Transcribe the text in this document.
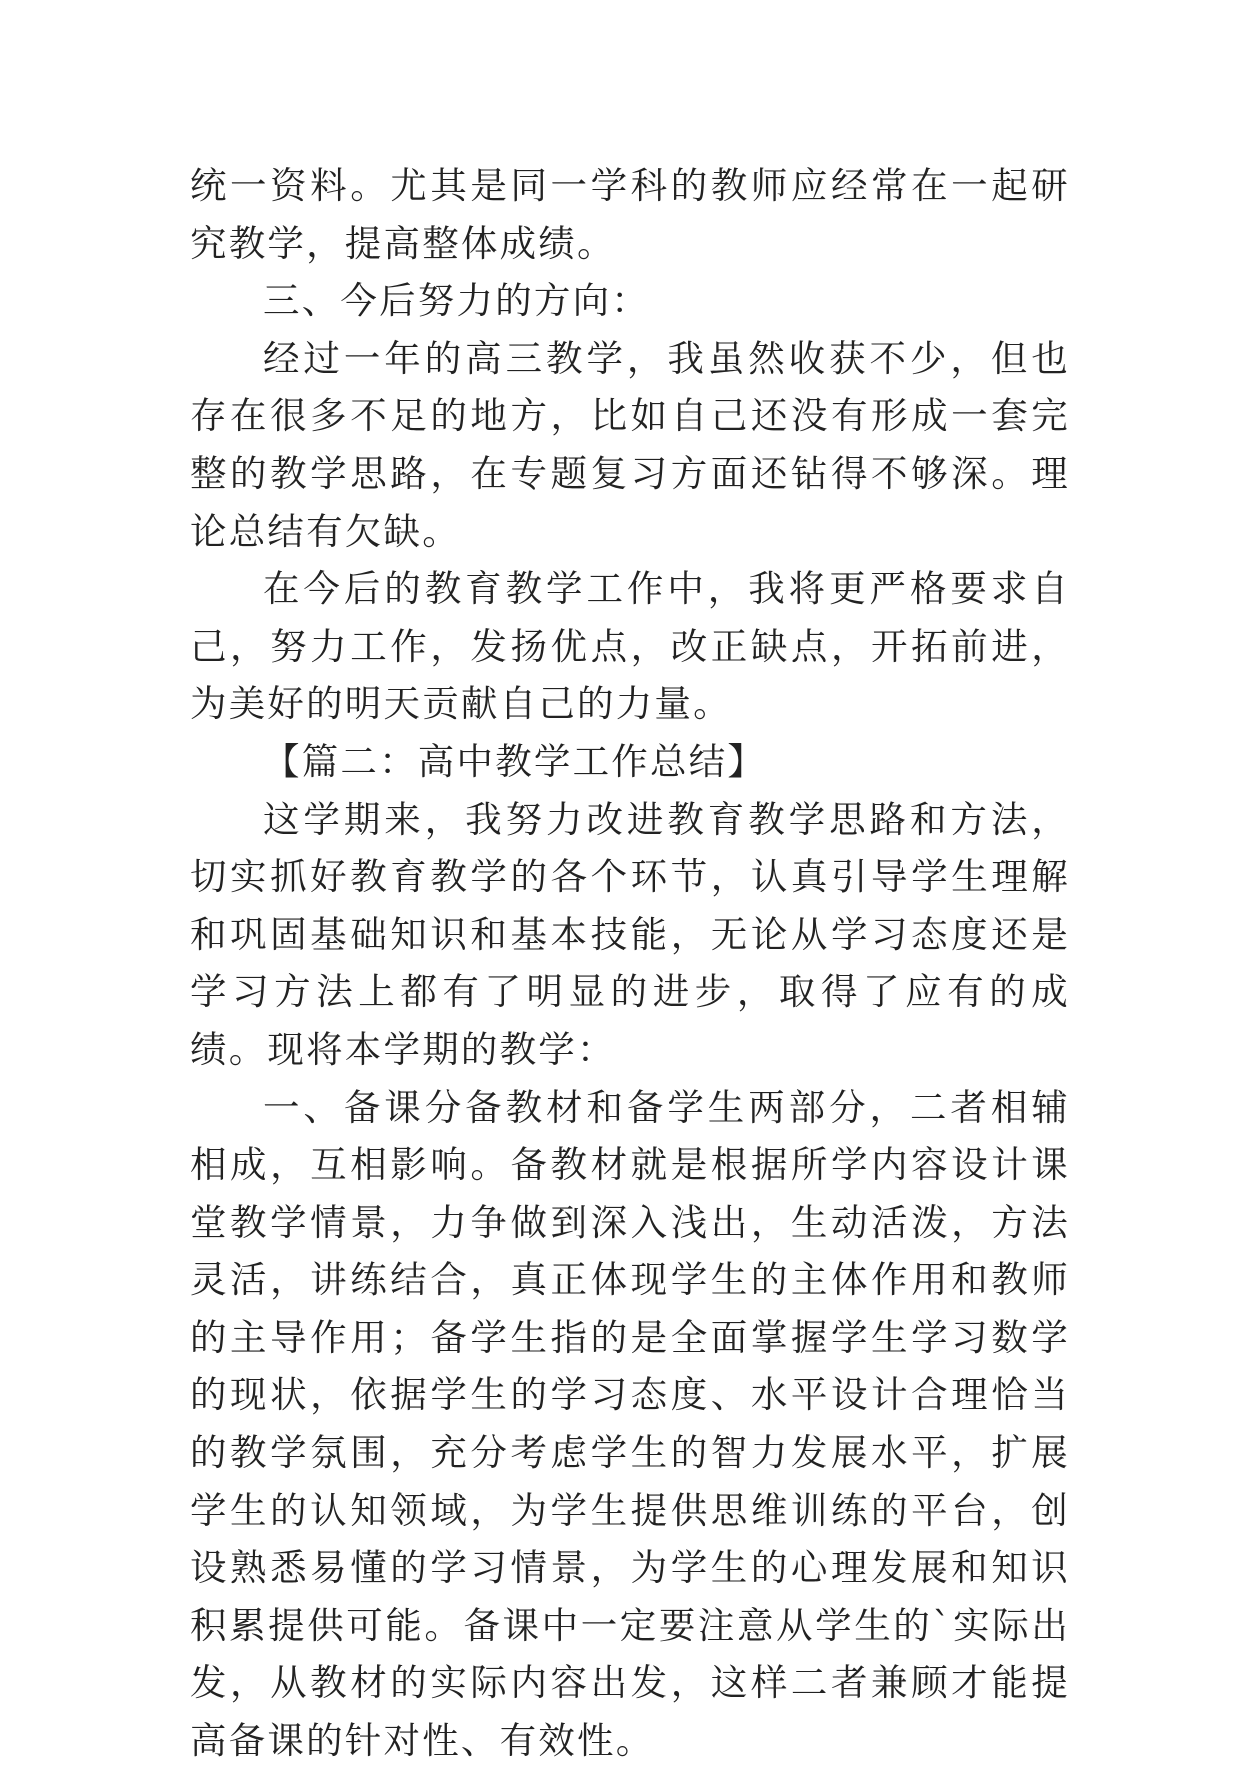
统一资料。尤其是同一学科的教师应经常在一起研究教学，提高整体成绩。

三、今后努力的方向：

经过一年的高三教学，我虽然收获不少，但也存在很多不足的地方，比如自己还没有形成一套完整的教学思路，在专题复习方面还钻得不够深。理论总结有欠缺。

在今后的教育教学工作中，我将更严格要求自己，努力工作，发扬优点，改正缺点，开拓前进，为美好的明天贡献自己的力量。

【篇二：高中教学工作总结】

这学期来，我努力改进教育教学思路和方法，切实抓好教育教学的各个环节，认真引导学生理解和巩固基础知识和基本技能，无论从学习态度还是学习方法上都有了明显的进步，取得了应有的成绩。现将本学期的教学：

一、备课分备教材和备学生两部分，二者相辅相成，互相影响。备教材就是根据所学内容设计课堂教学情景，力争做到深入浅出，生动活泼，方法灵活，讲练结合，真正体现学生的主体作用和教师的主导作用；备学生指的是全面掌握学生学习数学的现状，依据学生的学习态度、水平设计合理恰当的教学氛围，充分考虑学生的智力发展水平，扩展学生的认知领域，为学生提供思维训练的平台，创设熟悉易懂的学习情景，为学生的心理发展和知识积累提供可能。备课中一定要注意从学生的`实际出发，从教材的实际内容出发，这样二者兼顾才能提高备课的针对性、有效性。
